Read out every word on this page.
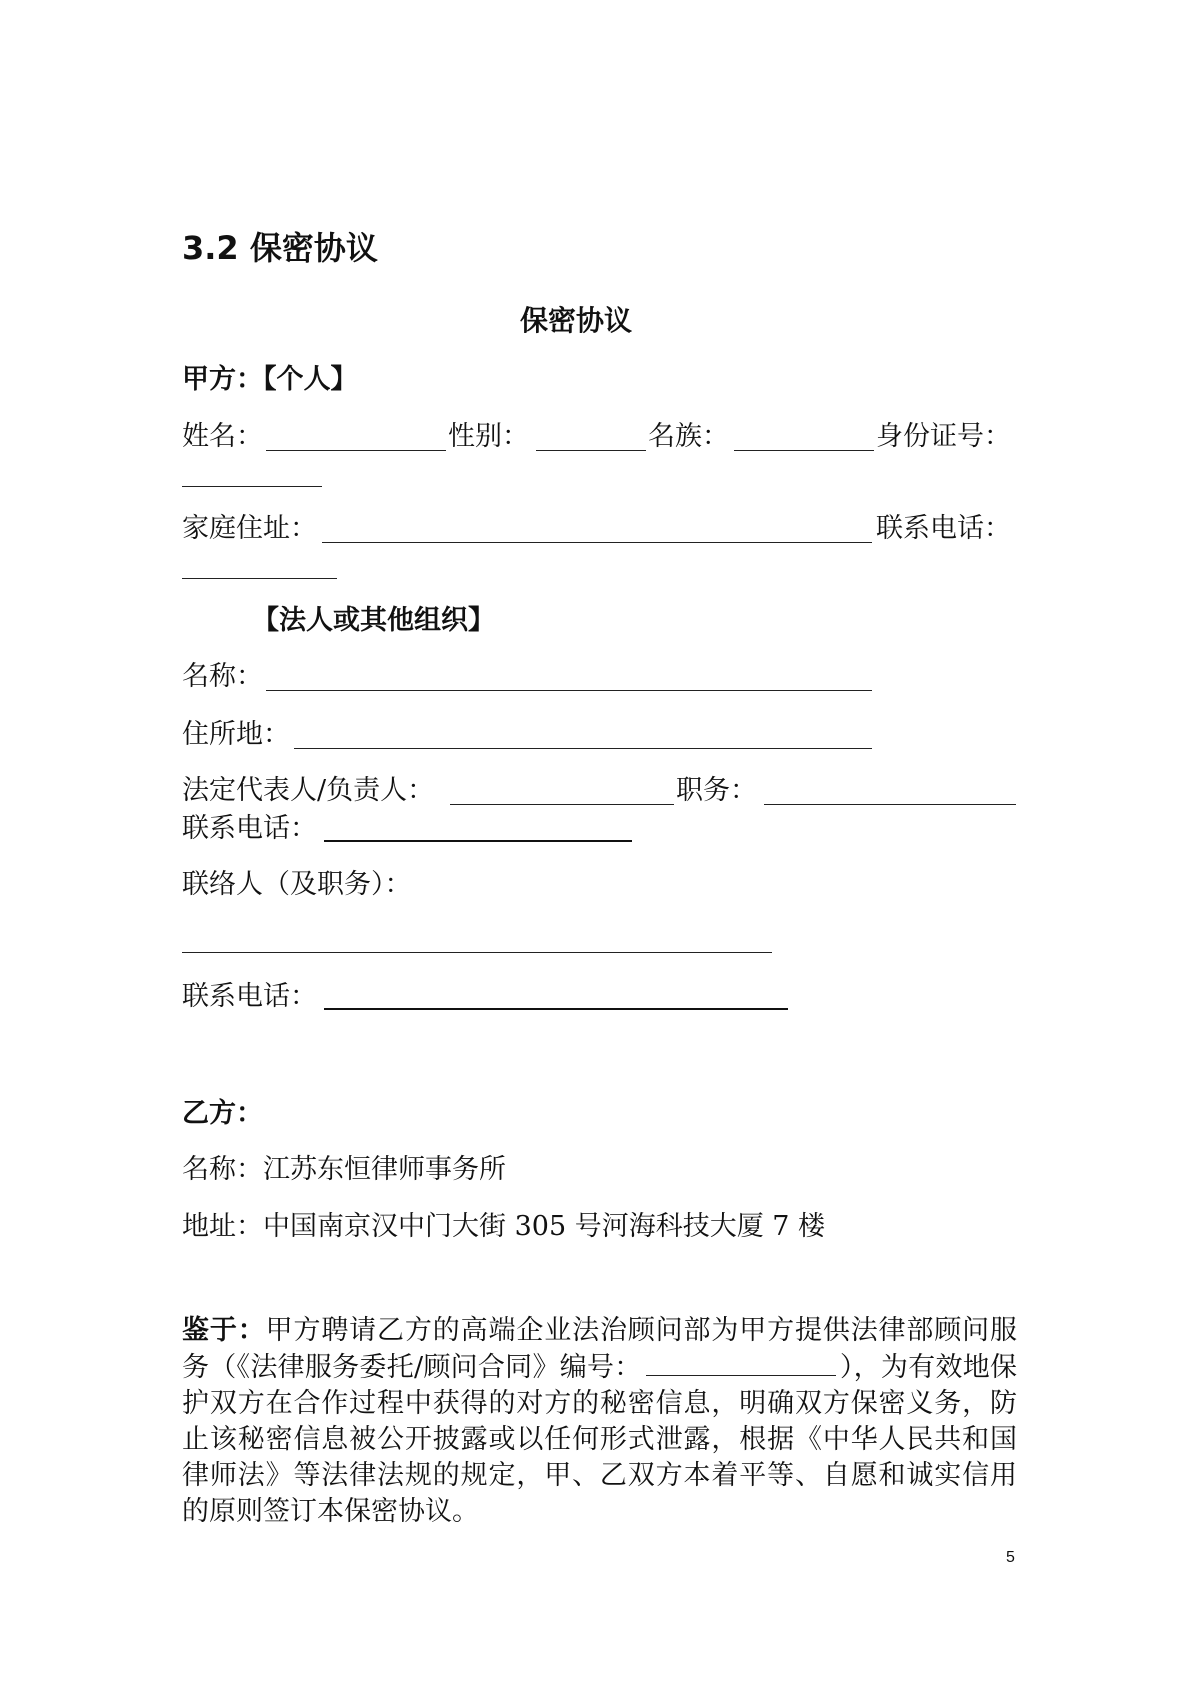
3.2 保密协议
保密协议
甲方：【个人】
姓名：	性别：	名族：	身份证号：
家庭住址：	联系电话：
【法人或其他组织】
名称：
住所地：
法定代表人/负责人：	职务：
联系电话：
联络人（及职务）：
联系电话：
乙方：
名称：江苏东恒律师事务所
地址：中国南京汉中门大街 305 号河海科技大厦 7 楼
鉴于：甲方聘请乙方的高端企业法治顾问部为甲方提供法律部顾问服务（《法律服务委托/顾问合同》编号：	），为有效地保护双方在合作过程中获得的对方的秘密信息，明确双方保密义务，防止该秘密信息被公开披露或以任何形式泄露，根据《中华人民共和国律师法》等法律法规的规定，甲、乙双方本着平等、自愿和诚实信用的原则签订本保密协议。
5
